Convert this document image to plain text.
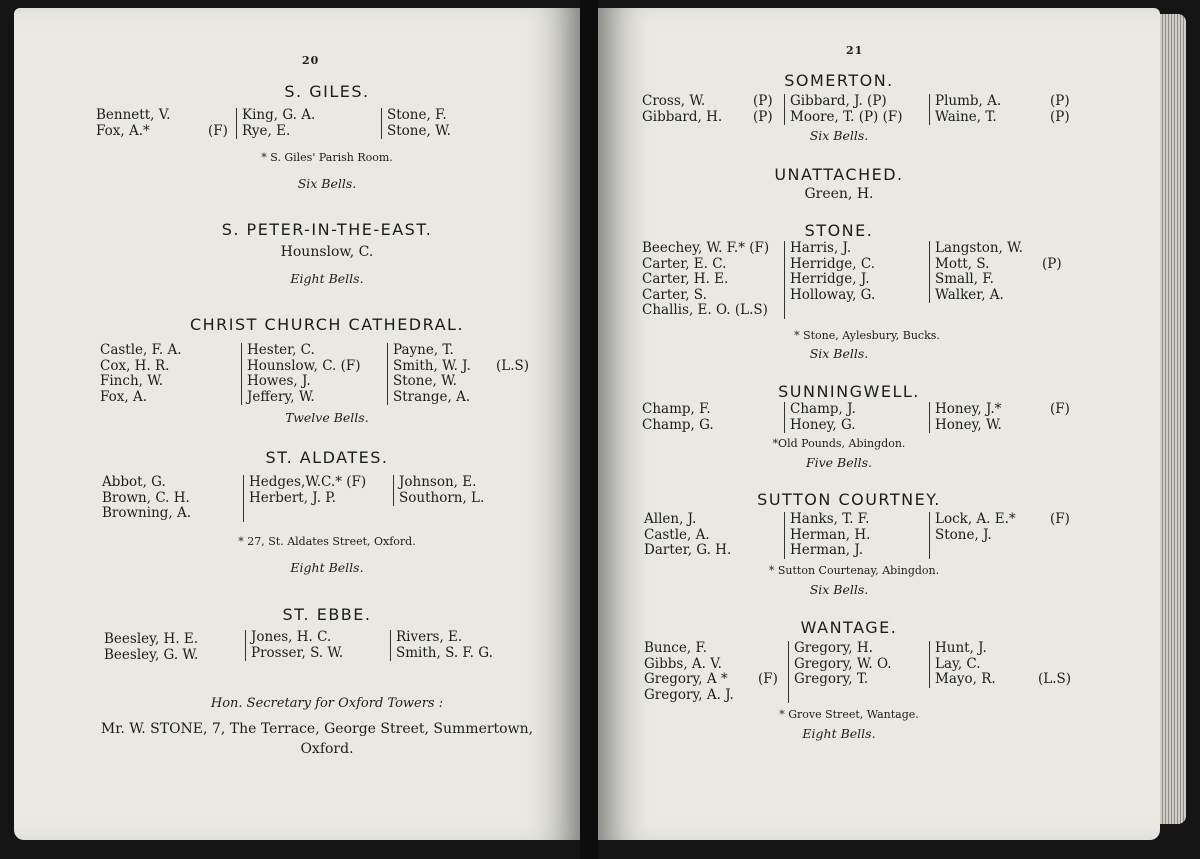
20
S. GILES.
Bennett, V.
Fox, A.*	(F)
King, G. A.
Rye, E.
Stone, F.
Stone, W.
* S. Giles' Parish Room.
Six Bells.
S. PETER-IN-THE-EAST.
Hounslow, C.
Eight Bells.
CHRIST CHURCH CATHEDRAL.
Castle, F. A.
Cox, H. R.
Finch, W.
Fox, A.
Hester, C.
Hounslow, C. (F)
Howes, J.
Jeffery, W.
Payne, T.
Smith, W. J.
Stone, W.
Strange, A.
(L.S)
Twelve Bells.
ST. ALDATES.
Abbot, G.
Brown, C. H.
Browning, A.
Hedges,W.C.* (F)
Herbert, J. P.
Johnson, E.
Southorn, L.
* 27, St. Aldates Street, Oxford.
Eight Bells.
ST. EBBE.
Beesley, H. E.
Beesley, G. W.
Jones, H. C.
Prosser, S. W.
Rivers, E.
Smith, S. F. G.
Hon. Secretary for Oxford Towers :
Mr. W. STONE, 7, The Terrace, George Street, Summertown,
Oxford.
21
SOMERTON.
Cross, W.
Gibbard, H.
(P)
(P)
Gibbard, J. (P)
Moore, T. (P) (F)
Plumb, A.
Waine, T.
(P)
(P)
Six Bells.
UNATTACHED.
Green, H.
STONE.
Beechey, W. F.* (F)
Carter, E. C.
Carter, H. E.
Carter, S.
Challis, E. O. (L.S)
Harris, J.
Herridge, C.
Herridge, J.
Holloway, G.
Langston, W.
Mott, S.
Small, F.
Walker, A.
(P)
* Stone, Aylesbury, Bucks.
Six Bells.
SUNNINGWELL.
Champ, F.
Champ, G.
Champ, J.
Honey, G.
Honey, J.*
Honey, W.
(F)
*Old Pounds, Abingdon.
Five Bells.
SUTTON COURTNEY.
Allen, J.
Castle, A.
Darter, G. H.
Hanks, T. F.
Herman, H.
Herman, J.
Lock, A. E.*
Stone, J.
(F)
* Sutton Courtenay, Abingdon.
Six Bells.
WANTAGE.
Bunce, F.
Gibbs, A. V.
Gregory, A *
Gregory, A. J.
(F)
Gregory, H.
Gregory, W. O.
Gregory, T.
Hunt, J.
Lay, C.
Mayo, R.	(L.S)
* Grove Street, Wantage.
Eight Bells.
